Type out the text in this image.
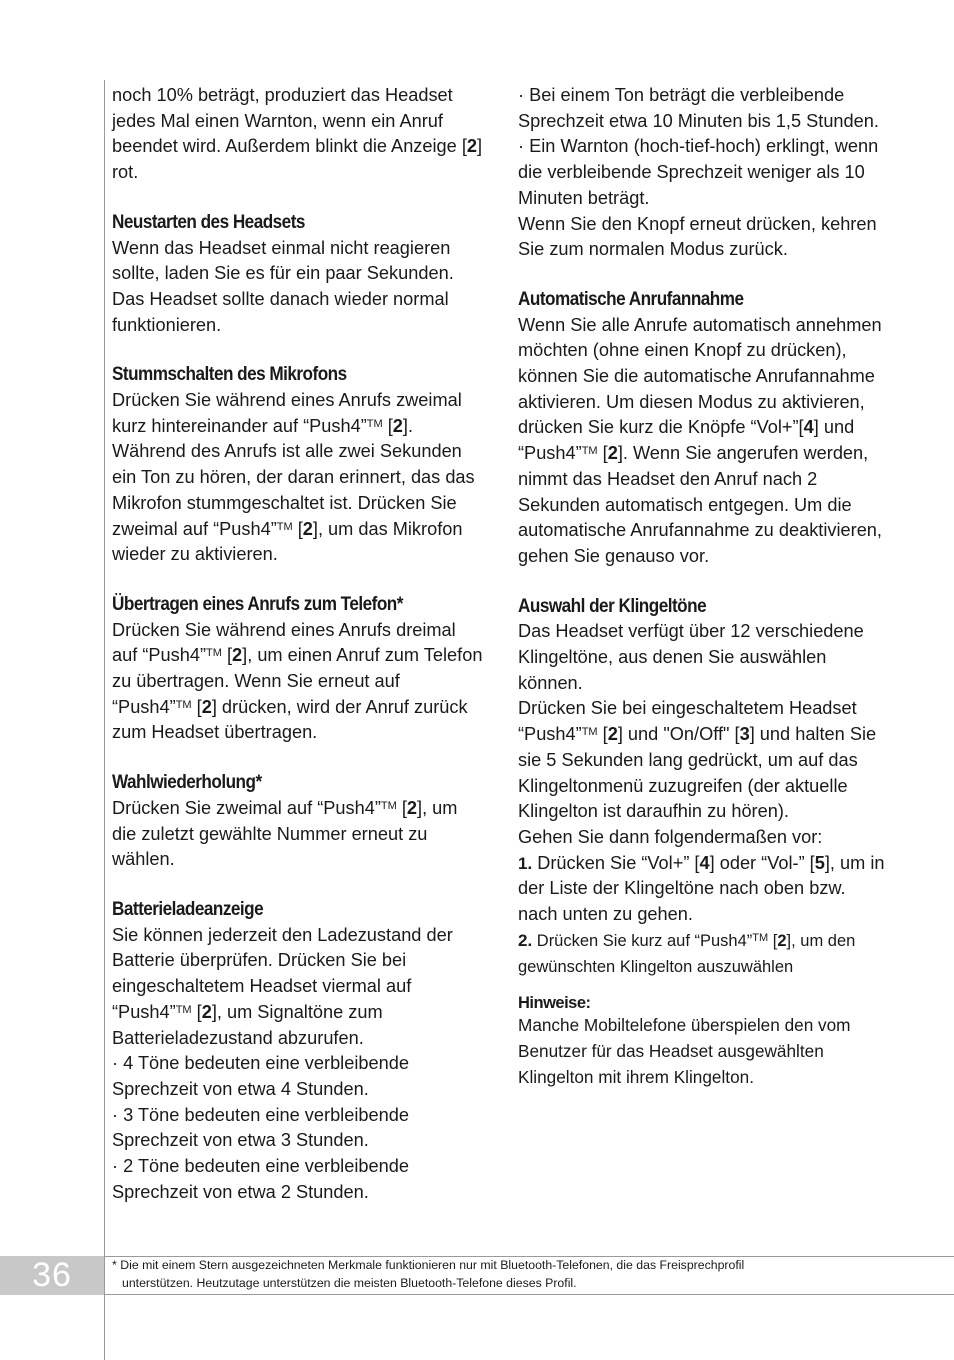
noch 10% beträgt, produziert das Headset jedes Mal einen Warnton, wenn ein Anruf beendet wird. Außerdem blinkt die Anzeige [2] rot.

Neustarten des Headsets

Wenn das Headset einmal nicht reagieren sollte, laden Sie es für ein paar Sekunden. Das Headset sollte danach wieder normal funktionieren.

Stummschalten des Mikrofons

Drücken Sie während eines Anrufs zweimal kurz hintereinander auf “Push4”™ [2]. Während des Anrufs ist alle zwei Sekunden ein Ton zu hören, der daran erinnert, das das Mikrofon stummgeschaltet ist. Drücken Sie zweimal auf “Push4”™ [2], um das Mikrofon wieder zu aktivieren.

Übertragen eines Anrufs zum Telefon*

Drücken Sie während eines Anrufs dreimal auf “Push4”™ [2], um einen Anruf zum Telefon zu übertragen. Wenn Sie erneut auf “Push4”™ [2] drücken, wird der Anruf zurück zum Headset übertragen.

Wahlwiederholung*

Drücken Sie zweimal auf “Push4”™ [2], um die zuletzt gewählte Nummer erneut zu wählen.

Batterieladeanzeige

Sie können jederzeit den Ladezustand der Batterie überprüfen. Drücken Sie bei eingeschaltetem Headset viermal auf “Push4”™ [2], um Signaltöne zum Batterieladezustand abzurufen.

· 4 Töne bedeuten eine verbleibende Sprechzeit von etwa 4 Stunden.

· 3 Töne bedeuten eine verbleibende Sprechzeit von etwa 3 Stunden.

· 2 Töne bedeuten eine verbleibende Sprechzeit von etwa 2 Stunden.

· Bei einem Ton beträgt die verbleibende Sprechzeit etwa 10 Minuten bis 1,5 Stunden.

· Ein Warnton (hoch-tief-hoch) erklingt, wenn die verbleibende Sprechzeit weniger als 10 Minuten beträgt.

Wenn Sie den Knopf erneut drücken, kehren Sie zum normalen Modus zurück.

Automatische Anrufannahme

Wenn Sie alle Anrufe automatisch annehmen möchten (ohne einen Knopf zu drücken), können Sie die automatische Anrufannahme aktivieren. Um diesen Modus zu aktivieren, drücken Sie kurz die Knöpfe “Vol+”[4] und “Push4”™ [2]. Wenn Sie angerufen werden, nimmt das Headset den Anruf nach 2 Sekunden automatisch entgegen. Um die automatische Anrufannahme zu deaktivieren, gehen Sie genauso vor.

Auswahl der Klingeltöne

Das Headset verfügt über 12 verschiedene Klingeltöne, aus denen Sie auswählen können.

Drücken Sie bei eingeschaltetem Headset “Push4”™ [2] und "On/Off" [3] und halten Sie sie 5 Sekunden lang gedrückt, um auf das Klingeltonmenü zuzugreifen (der aktuelle Klingelton ist daraufhin zu hören).

Gehen Sie dann folgendermaßen vor:

1. Drücken Sie “Vol+” [4] oder “Vol-” [5], um in der Liste der Klingeltöne nach oben bzw. nach unten zu gehen.

2. Drücken Sie kurz auf “Push4”™ [2], um den gewünschten Klingelton auszuwählen

Hinweise:
Manche Mobiltelefone überspielen den vom Benutzer für das Headset ausgewählten Klingelton mit ihrem Klingelton.
36	* Die mit einem Stern ausgezeichneten Merkmale funktionieren nur mit Bluetooth-Telefonen, die das Freisprechprofil
unterstützen. Heutzutage unterstützen die meisten Bluetooth-Telefone dieses Profil.
